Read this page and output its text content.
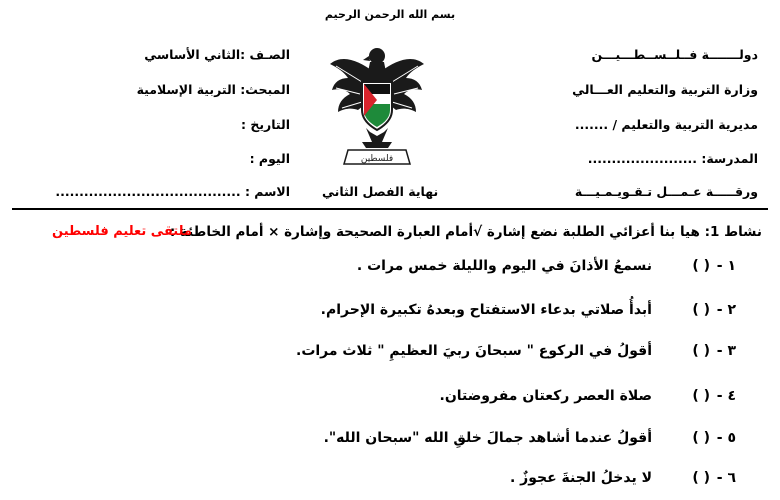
بسم الله الرحمن الرحيم
دولـــــــة فــلــســطـــيـــن
وزارة التربية والتعليم العـــالي
مديرية التربية والتعليم / .......
المدرسة: .......................
ورقـــــة عـمـــل تـقـويـمـيـــة
الصـف :الثاني الأساسي
المبحث: التربية الإسلامية
التاريخ :
اليوم :
الاسم : .......................................	نهاية الفصل الثاني
فلسطين
نشاط 1: هيا بنا أعزائي الطلبة نضع إشارة √أمام العبارة الصحيحة وإشارة × أمام الخاطئة :
ملتقى تعليم فلسطين
١ -( )نسمعُ الأذانَ في اليوم والليلة خمس مرات .
٢ -( )أبدأُ صلاتي بدعاء الاستفتاح وبعدهُ تكبيرة الإحرام.
٣ -( )أقولُ في الركوع " سبحانَ ربيَ العظيمِ " ثلاث مرات.
٤ -( )صلاة العصر ركعتان مفروضتان.
٥ -( )أقولُ عندما أشاهد جمالَ خلقِ الله "سبحان الله".
٦ -( )لا يدخلُ الجنةَ عجوزٌ .
